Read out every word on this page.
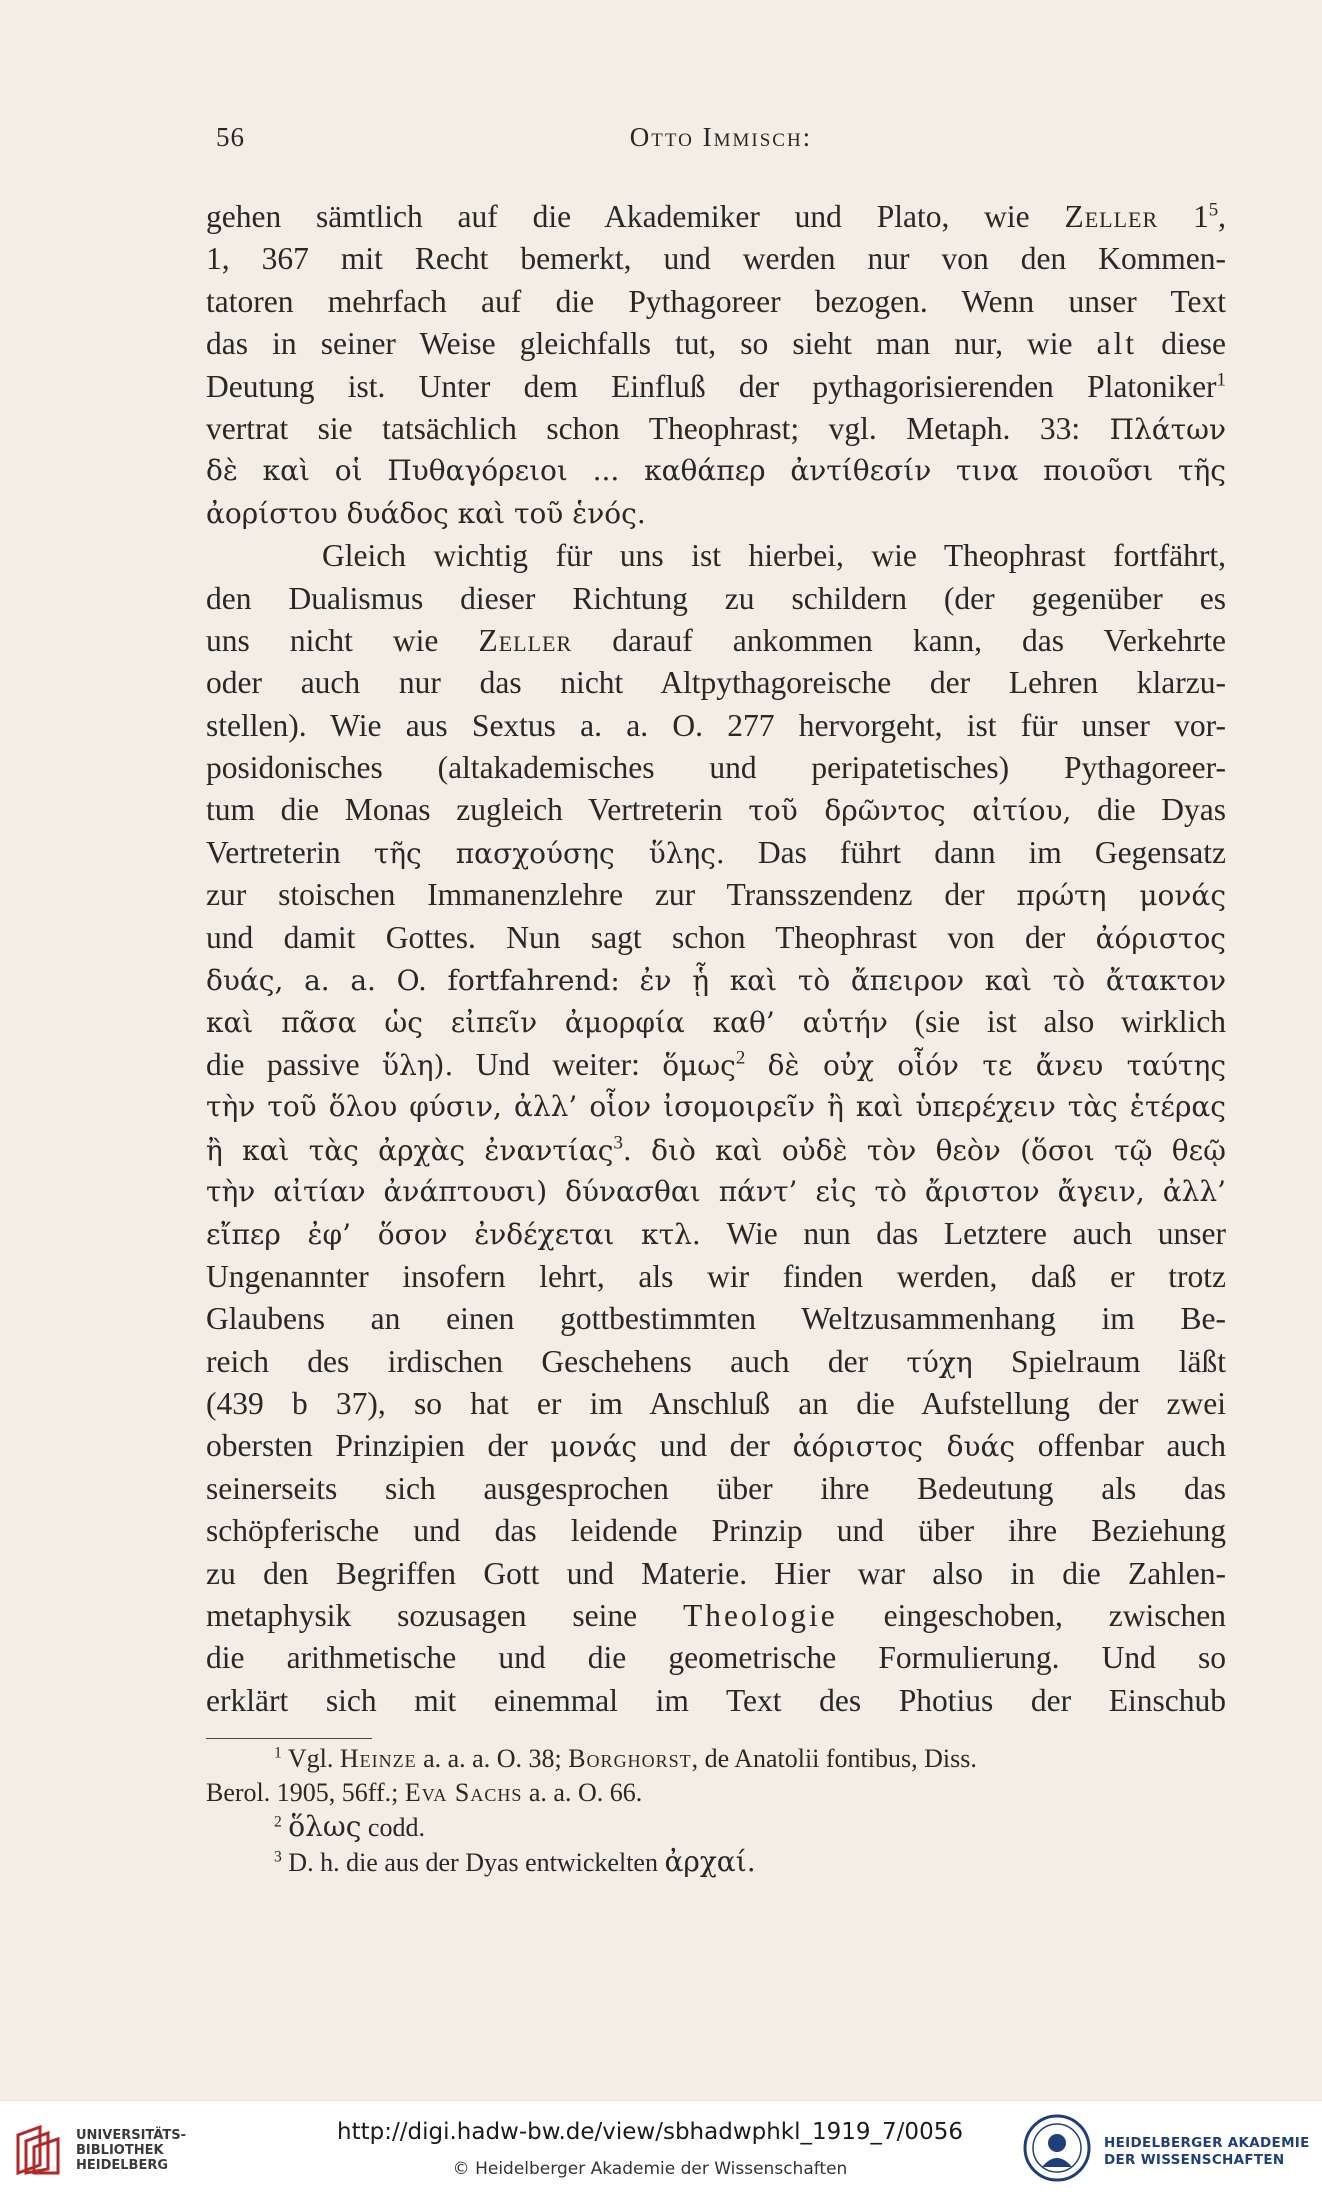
56	Otto Immisch:
gehen sämtlich auf die Akademiker und Plato, wie Zeller $1^5$,
1, 367 mit Recht bemerkt, und werden nur von den Kommen-
tatoren mehrfach auf die Pythagoreer bezogen. Wenn unser Text
das in seiner Weise gleichfalls tut, so sieht man nur, wie alt diese
Deutung ist. Unter dem Einfluß der pythagorisierenden Platoniker$^1$
vertrat sie tatsächlich schon Theophrast; vgl. Metaph. 33: Πλάτων
δὲ καὶ οἱ Πυθαγόρειοι ... καθάπερ ἀντίθεσίν τινα ποιοῦσι τῆς
ἀορίστου δυάδος καὶ τοῦ ἑνός.
Gleich wichtig für uns ist hierbei, wie Theophrast fortfährt,
den Dualismus dieser Richtung zu schildern (der gegenüber es
uns nicht wie Zeller darauf ankommen kann, das Verkehrte
oder auch nur das nicht Altpythagoreische der Lehren klarzu-
stellen). Wie aus Sextus a. a. O. 277 hervorgeht, ist für unser vor-
posidonisches (altakademisches und peripatetisches) Pythagoreer-
tum die Monas zugleich Vertreterin τοῦ δρῶντος αἰτίου, die Dyas
Vertreterin τῆς πασχούσης ὕλης. Das führt dann im Gegensatz
zur stoischen Immanenzlehre zur Transszendenz der πρώτη μονάς
und damit Gottes. Nun sagt schon Theophrast von der ἀόριστος
δυάς, a. a. O. fortfahrend: ἐν ᾗ καὶ τὸ ἄπειρον καὶ τὸ ἄτακτον
καὶ πᾶσα ὡς εἰπεῖν ἀμορφία καθ’ αὑτήν (sie ist also wirklich
die passive ὕλη). Und weiter: ὅμως$^2$ δὲ οὐχ οἷόν τε ἄνευ ταύτης
τὴν τοῦ ὅλου φύσιν, ἀλλ’ οἷον ἰσομοιρεῖν ἢ καὶ ὑπερέχειν τὰς ἑτέρας
ἢ καὶ τὰς ἀρχὰς ἐναντίας$^3$. διὸ καὶ οὐδὲ τὸν θεὸν (ὅσοι τῷ θεῷ
τὴν αἰτίαν ἀνάπτουσι) δύνασθαι πάντ’ εἰς τὸ ἄριστον ἄγειν, ἀλλ’
εἴπερ ἐφ’ ὅσον ἐνδέχεται κτλ. Wie nun das Letztere auch unser
Ungenannter insofern lehrt, als wir finden werden, daß er trotz
Glaubens an einen gottbestimmten Weltzusammenhang im Be-
reich des irdischen Geschehens auch der τύχη Spielraum läßt
(439 b 37), so hat er im Anschluß an die Aufstellung der zwei
obersten Prinzipien der μονάς und der ἀόριστος δυάς offenbar auch
seinerseits sich ausgesprochen über ihre Bedeutung als das
schöpferische und das leidende Prinzip und über ihre Beziehung
zu den Begriffen Gott und Materie. Hier war also in die Zahlen-
metaphysik sozusagen seine Theologie eingeschoben, zwischen
die arithmetische und die geometrische Formulierung. Und so
erklärt sich mit einemmal im Text des Photius der Einschub
$^1$ Vgl. Heinze a. a. a. O. 38; Borghorst, de Anatolii fontibus, Diss.
Berol. 1905, 56ff.; Eva Sachs a. a. O. 66.
$^2$ ὅλως codd.
$^3$ D. h. die aus der Dyas entwickelten ἀρχαί.
UNIVERSITÄTS-
BIBLIOTHEK
HEIDELBERG
http://digi.hadw-bw.de/view/sbhadwphkl_1919_7/0056
© Heidelberger Akademie der Wissenschaften
HEIDELBERGER AKADEMIE
DER WISSENSCHAFTEN
